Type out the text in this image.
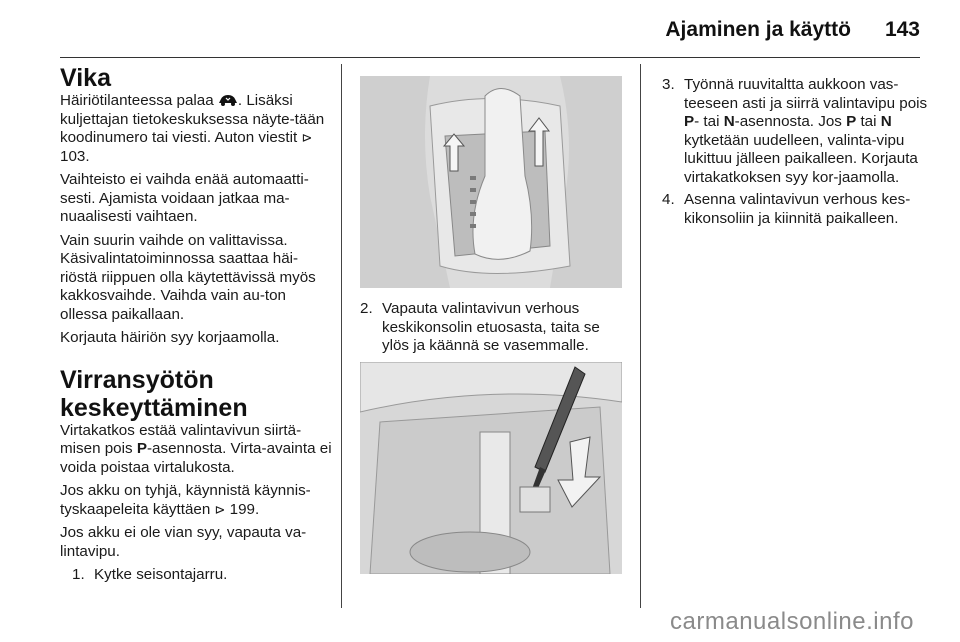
Ajaminen ja käyttö 143
Vika

Häiriötilanteessa palaa . Lisäksi kuljettajan tietokeskuksessa näyte-tään koodinumero tai viesti. Auton viestit ⊳ 103.

Vaihteisto ei vaihda enää automaatti-sesti. Ajamista voidaan jatkaa ma-nuaalisesti vaihtaen.

Vain suurin vaihde on valittavissa. Käsivalintatoiminnossa saattaa häi-riöstä riippuen olla käytettävissä myös kakkosvaihde. Vaihda vain au-ton ollessa paikallaan.

Korjauta häiriön syy korjaamolla.

Virransyötön
keskeyttäminen

Virtakatkos estää valintavivun siirtä-misen pois P-asennosta. Virta-avainta ei voida poistaa virtalukosta.

Jos akku on tyhjä, käynnistä käynnis-tyskaapeleita käyttäen ⊳ 199.

Jos akku ei ole vian syy, vapauta va-lintavipu.

1. Kytke seisontajarru.
2. Vapauta valintavivun verhous keskikonsolin etuosasta, taita se ylös ja käännä se vasemmalle.
3. Työnnä ruuvitaltta aukkoon vas-teeseen asti ja siirrä valintavipu pois P- tai N-asennosta. Jos P tai N kytketään uudelleen, valinta-vipu lukittuu jälleen paikalleen. Korjauta virtakatkoksen syy kor-jaamolla.
4. Asenna valintavivun verhous kes-kikonsoliin ja kiinnitä paikalleen.
carmanualsonline.info
